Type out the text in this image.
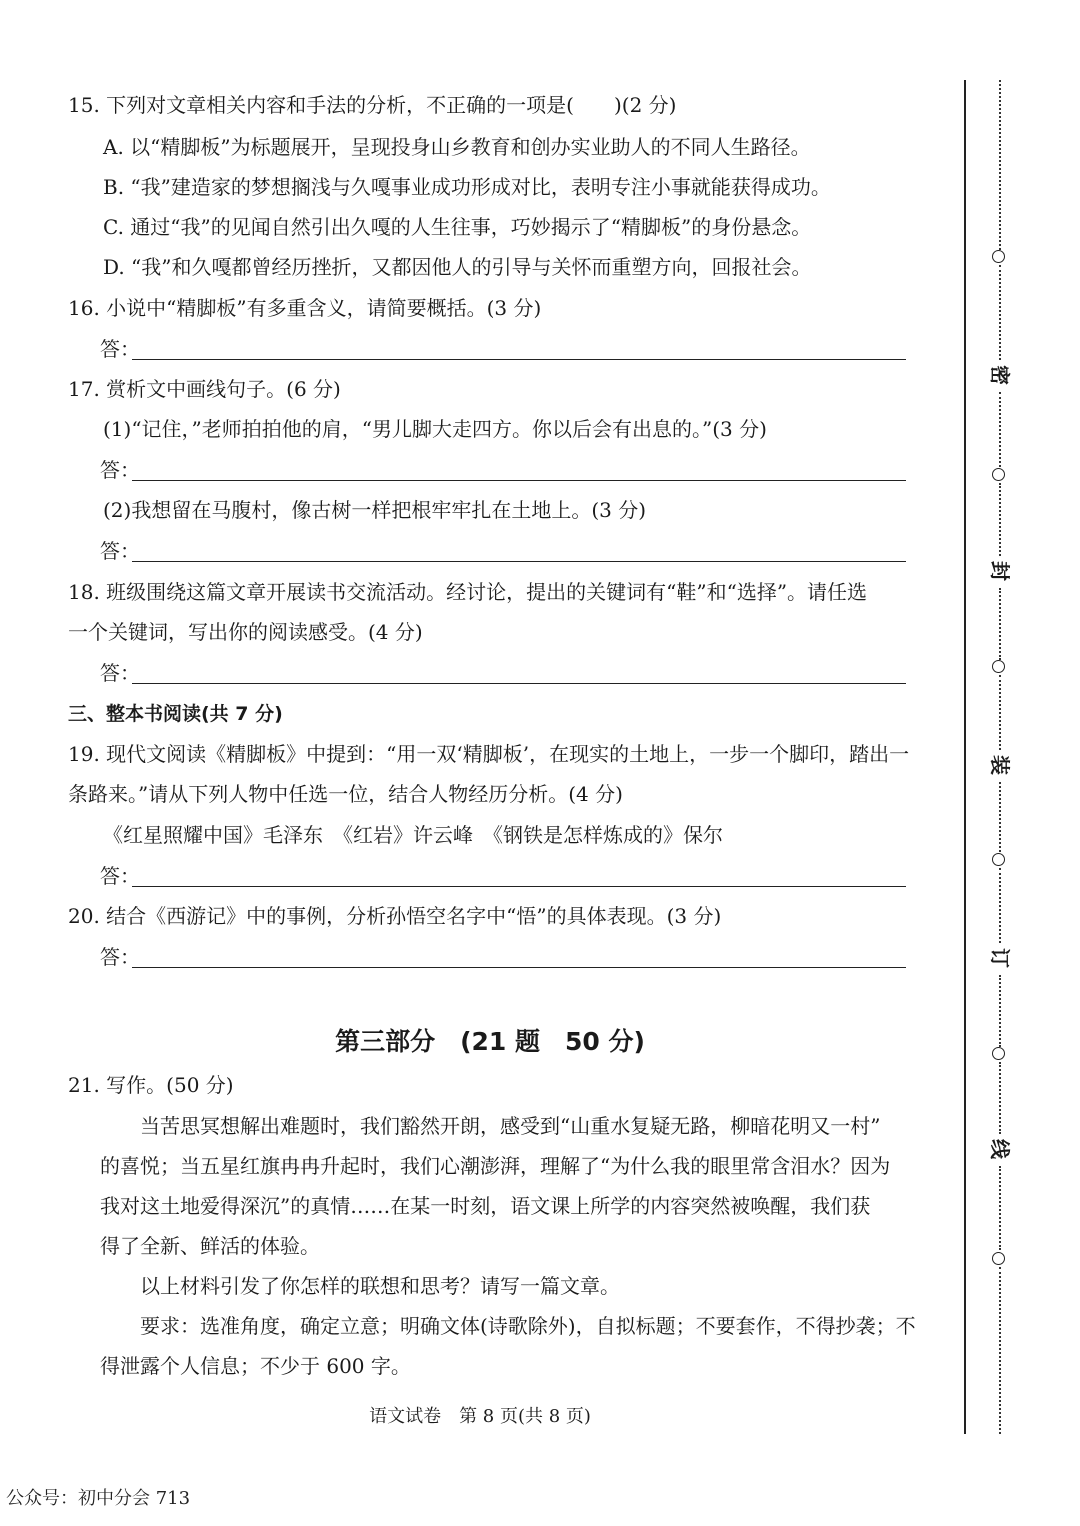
15. 下列对文章相关内容和手法的分析，不正确的一项是(　　)(2 分)
A. 以“精脚板”为标题展开，呈现投身山乡教育和创办实业助人的不同人生路径。
B. “我”建造家的梦想搁浅与久嘎事业成功形成对比，表明专注小事就能获得成功。
C. 通过“我”的见闻自然引出久嘎的人生往事，巧妙揭示了“精脚板”的身份悬念。
D. “我”和久嘎都曾经历挫折，又都因他人的引导与关怀而重塑方向，回报社会。
16. 小说中“精脚板”有多重含义，请简要概括。(3 分)
答：
17. 赏析文中画线句子。(6 分)
(1)“记住，”老师拍拍他的肩，“男儿脚大走四方。你以后会有出息的。”(3 分)
答：
(2)我想留在马腹村，像古树一样把根牢牢扎在土地上。(3 分)
答：
18. 班级围绕这篇文章开展读书交流活动。经讨论，提出的关键词有“鞋”和“选择”。请任选
一个关键词，写出你的阅读感受。(4 分)
答：
三、整本书阅读(共 7 分)
19. 现代文阅读《精脚板》中提到：“用一双‘精脚板’，在现实的土地上，一步一个脚印，踏出一
条路来。”请从下列人物中任选一位，结合人物经历分析。(4 分)
《红星照耀中国》毛泽东　《红岩》许云峰　《钢铁是怎样炼成的》保尔
答：
20. 结合《西游记》中的事例，分析孙悟空名字中“悟”的具体表现。(3 分)
答：
第三部分　(21 题　50 分)
21. 写作。(50 分)
当苦思冥想解出难题时，我们豁然开朗，感受到“山重水复疑无路，柳暗花明又一村”
的喜悦；当五星红旗冉冉升起时，我们心潮澎湃，理解了“为什么我的眼里常含泪水？因为
我对这土地爱得深沉”的真情……在某一时刻，语文课上所学的内容突然被唤醒，我们获
得了全新、鲜活的体验。
以上材料引发了你怎样的联想和思考？请写一篇文章。
要求：选准角度，确定立意；明确文体(诗歌除外)，自拟标题；不要套作，不得抄袭；不
得泄露个人信息；不少于 600 字。
语文试卷　第 8 页(共 8 页)
公众号：初中分会 713
密
封
装
订
线
